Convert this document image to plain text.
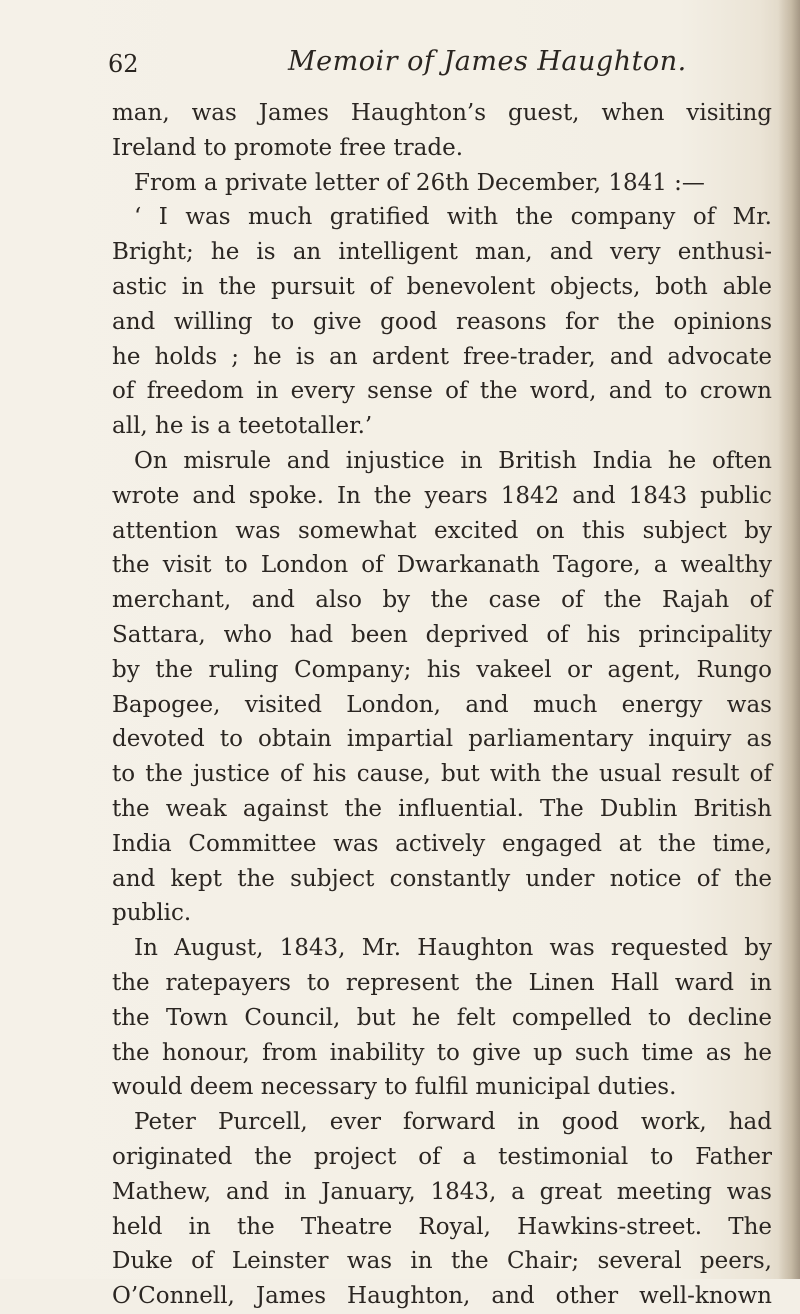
62	Memoir of James Haughton.
man, was James Haughton’s guest, when visiting
Ireland to promote free trade.
From a private letter of 26th December, 1841 :—
‘ I was much gratified with the company of Mr.
Bright; he is an intelligent man, and very enthusi-
astic in the pursuit of benevolent objects, both able
and willing to give good reasons for the opinions
he holds ; he is an ardent free-trader, and advocate
of freedom in every sense of the word, and to crown
all, he is a teetotaller.’
On misrule and injustice in British India he often
wrote and spoke. In the years 1842 and 1843 public
attention was somewhat excited on this subject by
the visit to London of Dwarkanath Tagore, a wealthy
merchant, and also by the case of the Rajah of
Sattara, who had been deprived of his principality
by the ruling Company; his vakeel or agent, Rungo
Bapogee, visited London, and much energy was
devoted to obtain impartial parliamentary inquiry as
to the justice of his cause, but with the usual result of
the weak against the influential. The Dublin British
India Committee was actively engaged at the time,
and kept the subject constantly under notice of the
public.
In August, 1843, Mr. Haughton was requested by
the ratepayers to represent the Linen Hall ward in
the Town Council, but he felt compelled to decline
the honour, from inability to give up such time as he
would deem necessary to fulfil municipal duties.
Peter Purcell, ever forward in good work, had
originated the project of a testimonial to Father
Mathew, and in January, 1843, a great meeting was
held in the Theatre Royal, Hawkins-street. The
Duke of Leinster was in the Chair; several peers,
O’Connell, James Haughton, and other well-known
